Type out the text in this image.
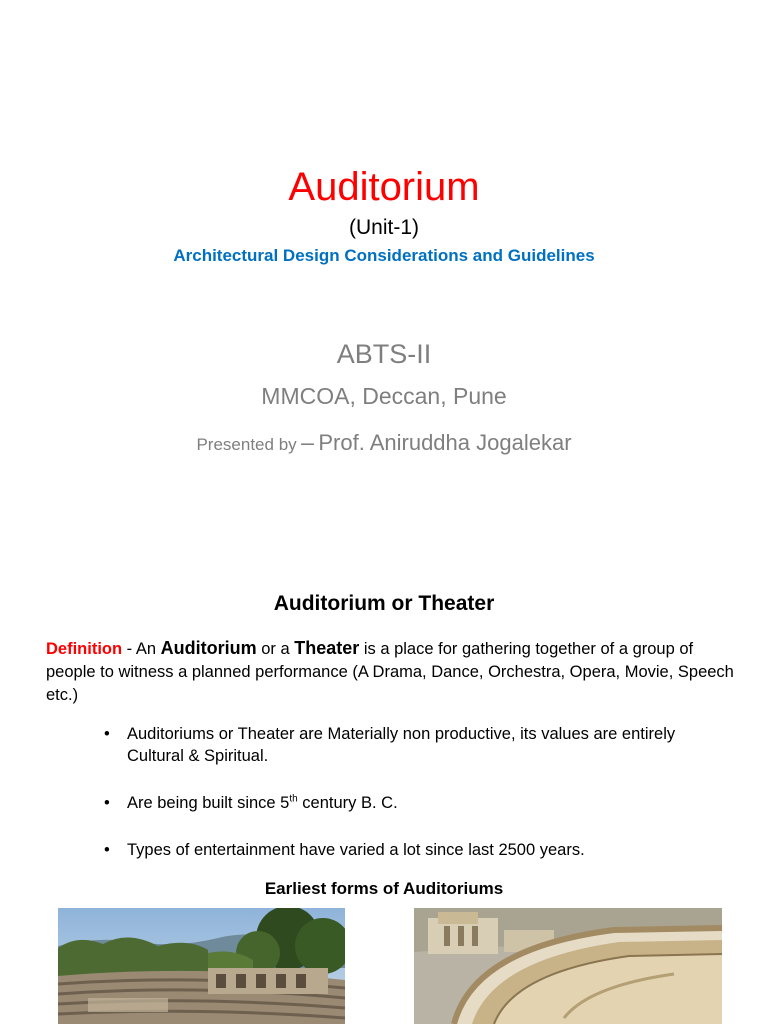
Auditorium
(Unit-1)
Architectural Design Considerations and Guidelines
ABTS-II
MMCOA, Deccan, Pune
Presented by – Prof. Aniruddha Jogalekar
Auditorium or Theater
Definition - An Auditorium or a Theater is a place for gathering together of a group of people to witness a planned performance (A Drama, Dance, Orchestra, Opera, Movie, Speech etc.)
•	Auditoriums or Theater are Materially non productive, its values are entirely Cultural & Spiritual.
•	Are being built since 5th century B. C.
•	Types of entertainment have varied a lot since last 2500 years.
Earliest forms of Auditoriums
